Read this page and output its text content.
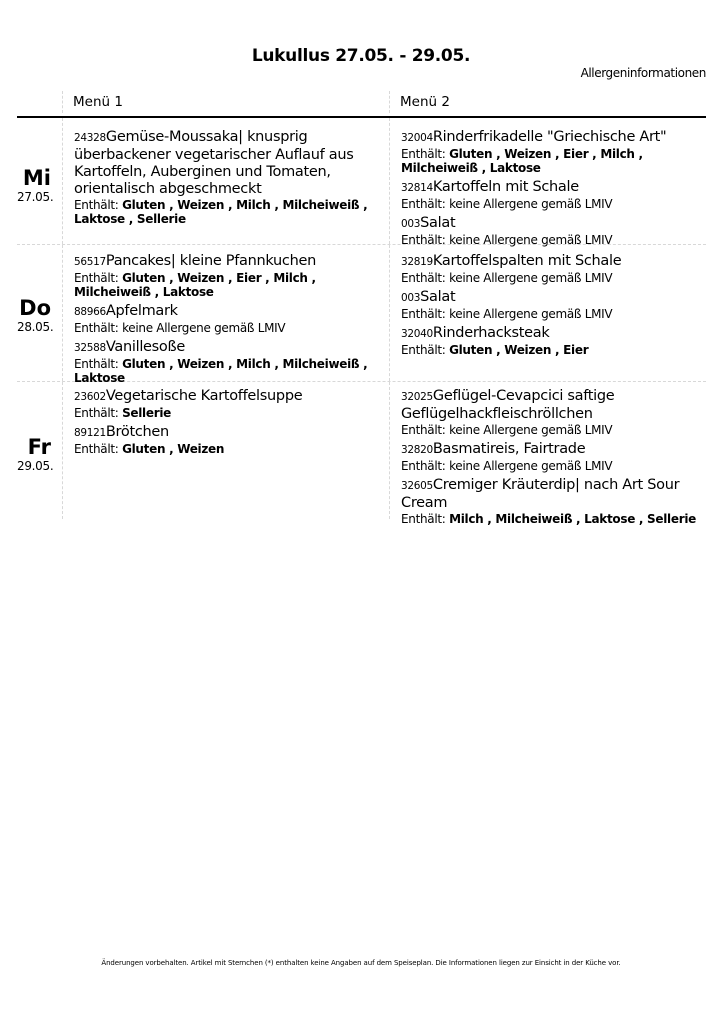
Lukullus 27.05. - 29.05.
Allergeninformationen
Menü 1	Menü 2
Mi
27.05.
24328Gemüse-Moussaka| knusprig überbackener vegetarischer Auflauf aus Kartoffeln, Auberginen und Tomaten, orientalisch abgeschmeckt
Enthält: Gluten , Weizen , Milch , Milcheiweiß , Laktose , Sellerie
32004Rinderfrikadelle "Griechische Art"
Enthält: Gluten , Weizen , Eier , Milch , Milcheiweiß , Laktose
32814Kartoffeln mit Schale
Enthält: keine Allergene gemäß LMIV
003Salat
Enthält: keine Allergene gemäß LMIV
Do
28.05.
56517Pancakes| kleine Pfannkuchen
Enthält: Gluten , Weizen , Eier , Milch , Milcheiweiß , Laktose
88966Apfelmark
Enthält: keine Allergene gemäß LMIV
32588Vanillesoße
Enthält: Gluten , Weizen , Milch , Milcheiweiß , Laktose
32819Kartoffelspalten mit Schale
Enthält: keine Allergene gemäß LMIV
003Salat
Enthält: keine Allergene gemäß LMIV
32040Rinderhacksteak
Enthält: Gluten , Weizen , Eier
Fr
29.05.
23602Vegetarische Kartoffelsuppe
Enthält: Sellerie
89121Brötchen
Enthält: Gluten , Weizen
32025Geflügel-Cevapcici saftige Geflügelhackfleischröllchen
Enthält: keine Allergene gemäß LMIV
32820Basmatireis, Fairtrade
Enthält: keine Allergene gemäß LMIV
32605Cremiger Kräuterdip| nach Art Sour Cream
Enthält: Milch , Milcheiweiß , Laktose , Sellerie
Änderungen vorbehalten. Artikel mit Sternchen (*) enthalten keine Angaben auf dem Speiseplan. Die Informationen liegen zur Einsicht in der Küche vor.
